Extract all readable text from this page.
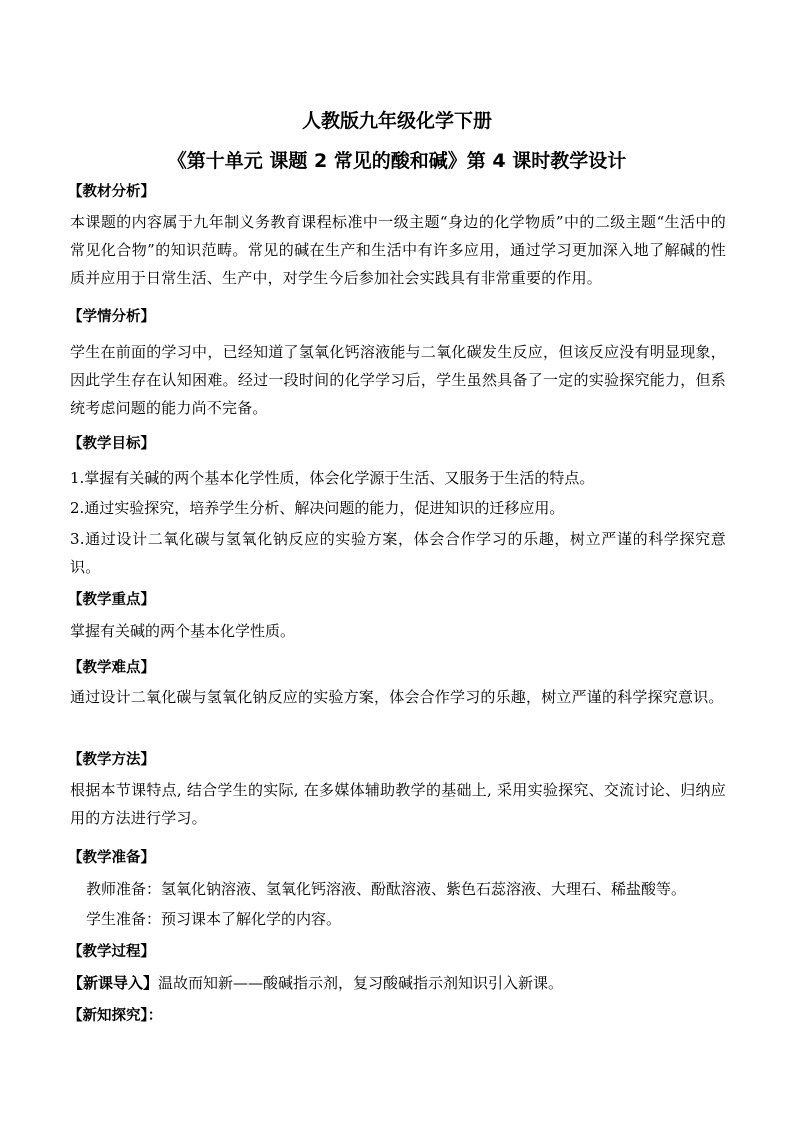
人教版九年级化学下册
《第十单元 课题 2 常见的酸和碱》第 4 课时教学设计
【教材分析】
本课题的内容属于九年制义务教育课程标准中一级主题“身边的化学物质”中的二级主题“生活中的常见化合物”的知识范畴。常见的碱在生产和生活中有许多应用，通过学习更加深入地了解碱的性质并应用于日常生活、生产中，对学生今后参加社会实践具有非常重要的作用。
【学情分析】
学生在前面的学习中，已经知道了氢氧化钙溶液能与二氧化碳发生反应，但该反应没有明显现象，因此学生存在认知困难。经过一段时间的化学学习后，学生虽然具备了一定的实验探究能力，但系统考虑问题的能力尚不完备。
【教学目标】
1.掌握有关碱的两个基本化学性质，体会化学源于生活、又服务于生活的特点。
2.通过实验探究，培养学生分析、解决问题的能力，促进知识的迁移应用。
3.通过设计二氧化碳与氢氧化钠反应的实验方案，体会合作学习的乐趣，树立严谨的科学探究意识。
【教学重点】
掌握有关碱的两个基本化学性质。
【教学难点】
通过设计二氧化碳与氢氧化钠反应的实验方案，体会合作学习的乐趣，树立严谨的科学探究意识。
【教学方法】
根据本节课特点, 结合学生的实际, 在多媒体辅助教学的基础上, 采用实验探究、交流讨论、归纳应用的方法进行学习。
【教学准备】
教师准备：氢氧化钠溶液、氢氧化钙溶液、酚酞溶液、紫色石蕊溶液、大理石、稀盐酸等。
学生准备：预习课本了解化学的内容。
【教学过程】
【新课导入】温故而知新——酸碱指示剂，复习酸碱指示剂知识引入新课。
【新知探究】：
